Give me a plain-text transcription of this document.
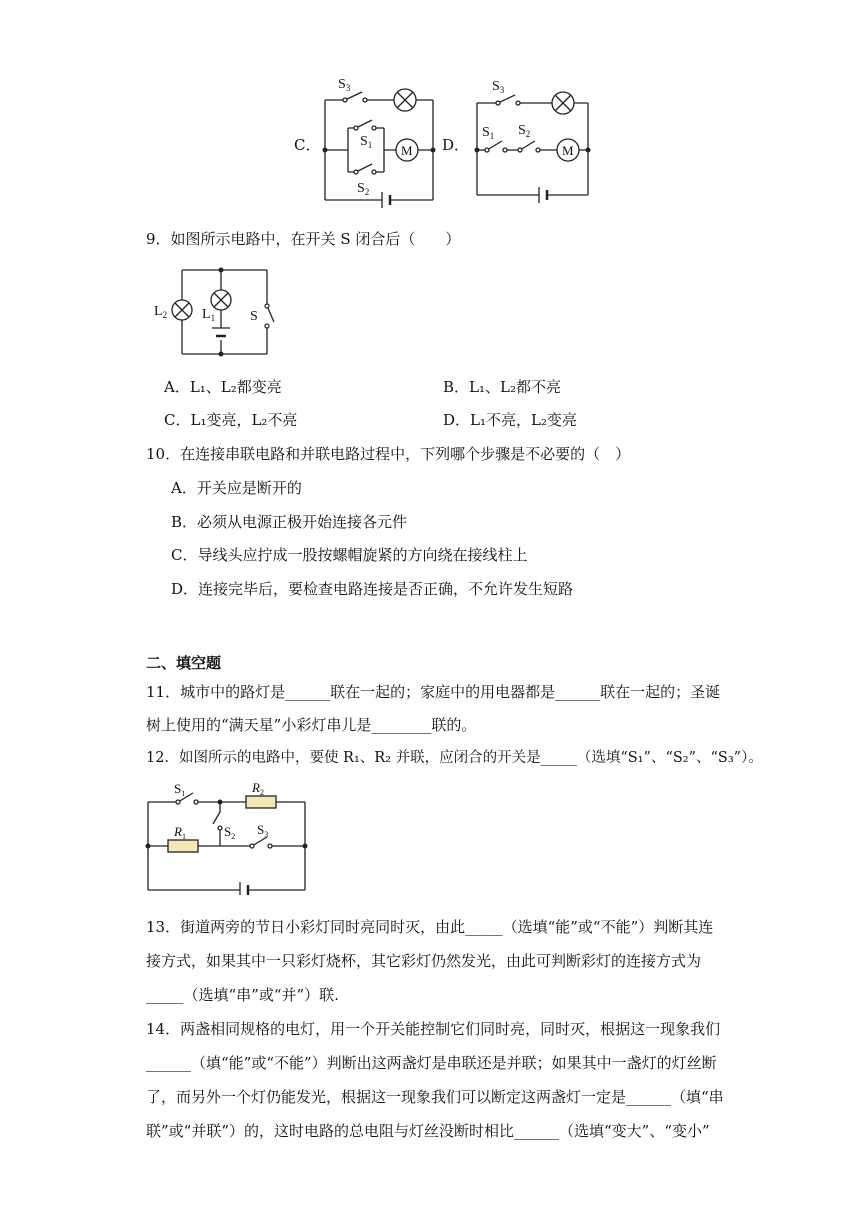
C．
$S_3$
$S_1$
$S_2$
M D．
$S_3$
$S_1$ $S_2$
M
9．如图所示电路中，在开关 S 闭合后（　　）
$L_2$ $L_1$ S
A．L₁、L₂都变亮	B．L₁、L₂都不亮
C．L₁变亮，L₂不亮	D．L₁不亮，L₂变亮
10．在连接串联电路和并联电路过程中，下列哪个步骤是不必要的（　）
A．开关应是断开的
B．必须从电源正极开始连接各元件
C．导线头应拧成一股按螺帽旋紧的方向绕在接线柱上
D．连接完毕后，要检查电路连接是否正确，不允许发生短路
二、填空题
11．城市中的路灯是______联在一起的；家庭中的用电器都是______联在一起的；圣诞
树上使用的“满天星”小彩灯串儿是________联的。
12．如图所示的电路中，要使 R₁、R₂ 并联，应闭合的开关是_____（选填“S₁”、“S₂”、“S₃”）。
$S_1$	$R_2$
$R_1$	$S_2$ $S_3$
13．街道两旁的节日小彩灯同时亮同时灭，由此_____（选填“能”或“不能”）判断其连
接方式，如果其中一只彩灯烧杯，其它彩灯仍然发光，由此可判断彩灯的连接方式为
_____（选填“串”或“并”）联.
14．两盏相同规格的电灯，用一个开关能控制它们同时亮，同时灭，根据这一现象我们
______（填“能”或“不能”）判断出这两盏灯是串联还是并联；如果其中一盏灯的灯丝断
了，而另外一个灯仍能发光，根据这一现象我们可以断定这两盏灯一定是______（填“串
联”或“并联”）的，这时电路的总电阻与灯丝没断时相比______（选填“变大”、“变小”
